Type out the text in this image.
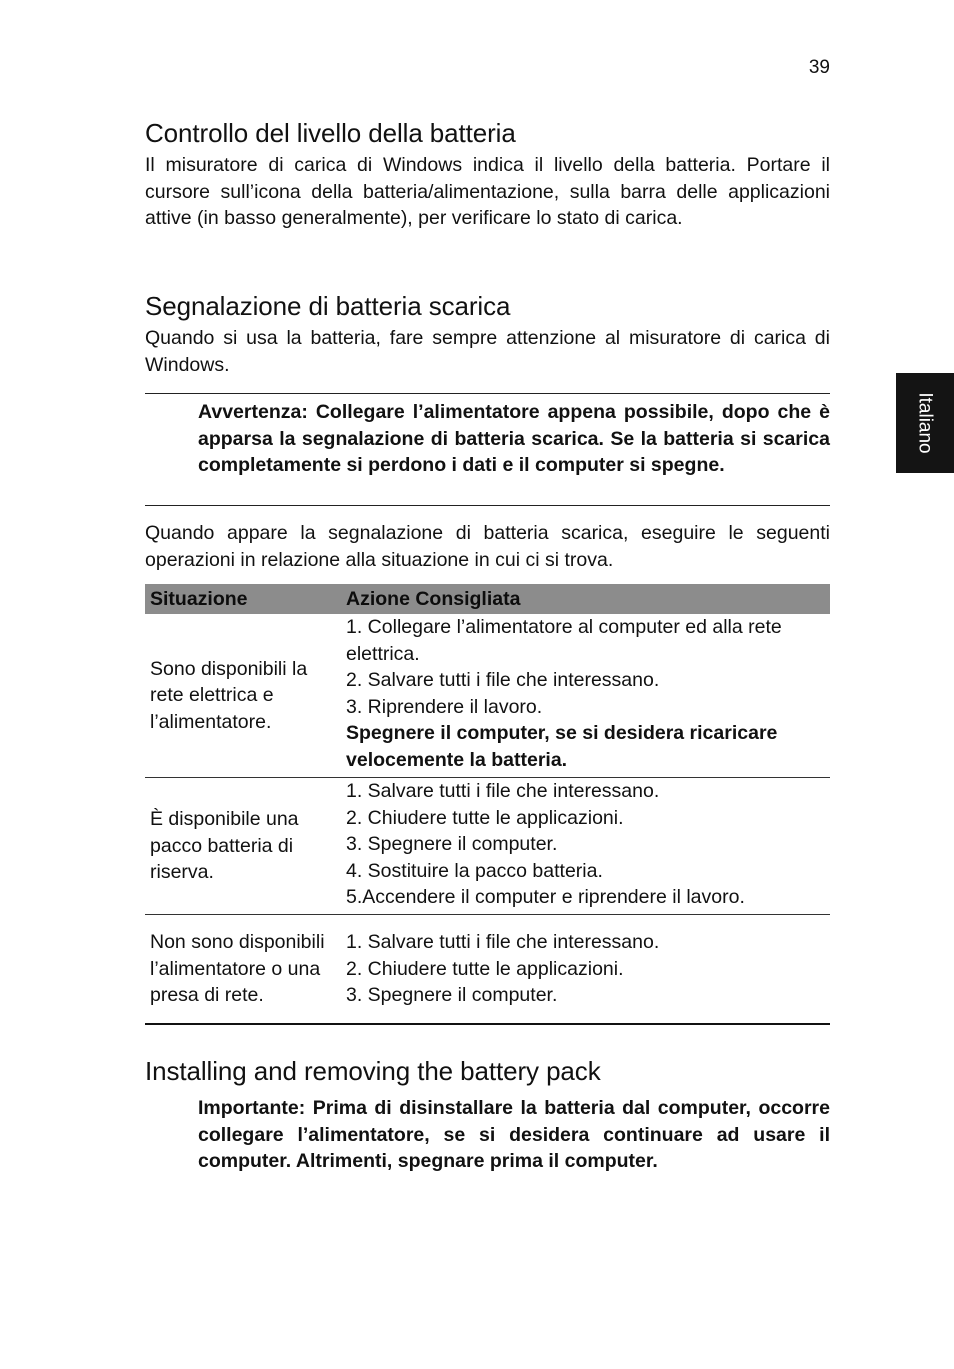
39
Italiano
Controllo del livello della batteria

Il misuratore di carica di Windows indica il livello della batteria. Portare il cursore sull’icona della batteria/alimentazione, sulla barra delle applicazioni attive (in basso generalmente), per verificare lo stato di carica.

Segnalazione di batteria scarica

Quando si usa la batteria, fare sempre attenzione al misuratore di carica di Windows.

Avvertenza: Collegare l’alimentatore appena possibile, dopo che è apparsa la segnalazione di batteria scarica. Se la batteria si scarica completamente si perdono i dati e il computer si spegne.

Quando appare la segnalazione di batteria scarica, eseguire le seguenti operazioni in relazione alla situazione in cui ci si trova.

Situazione	Azione Consigliata
Sono disponibili la rete elettrica e l’alimentatore.	1. Collegare l’alimentatore al computer ed alla rete elettrica.
2. Salvare tutti i file che interessano.
3. Riprendere il lavoro.
Spegnere il computer, se si desidera ricaricare velocemente la batteria.

È disponibile una pacco batteria di riserva.	1. Salvare tutti i file che interessano.
2. Chiudere tutte le applicazioni.
3. Spegnere il computer.
4. Sostituire la pacco batteria.
5.Accendere il computer e riprendere il lavoro.

Non sono disponibili l’alimentatore o una presa di rete.	1. Salvare tutti i file che interessano.
2. Chiudere tutte le applicazioni.
3. Spegnere il computer.
Installing and removing the battery pack

Importante: Prima di disinstallare la batteria dal computer, occorre collegare l’alimentatore, se si desidera continuare ad usare il computer. Altrimenti, spegnare prima il computer.
